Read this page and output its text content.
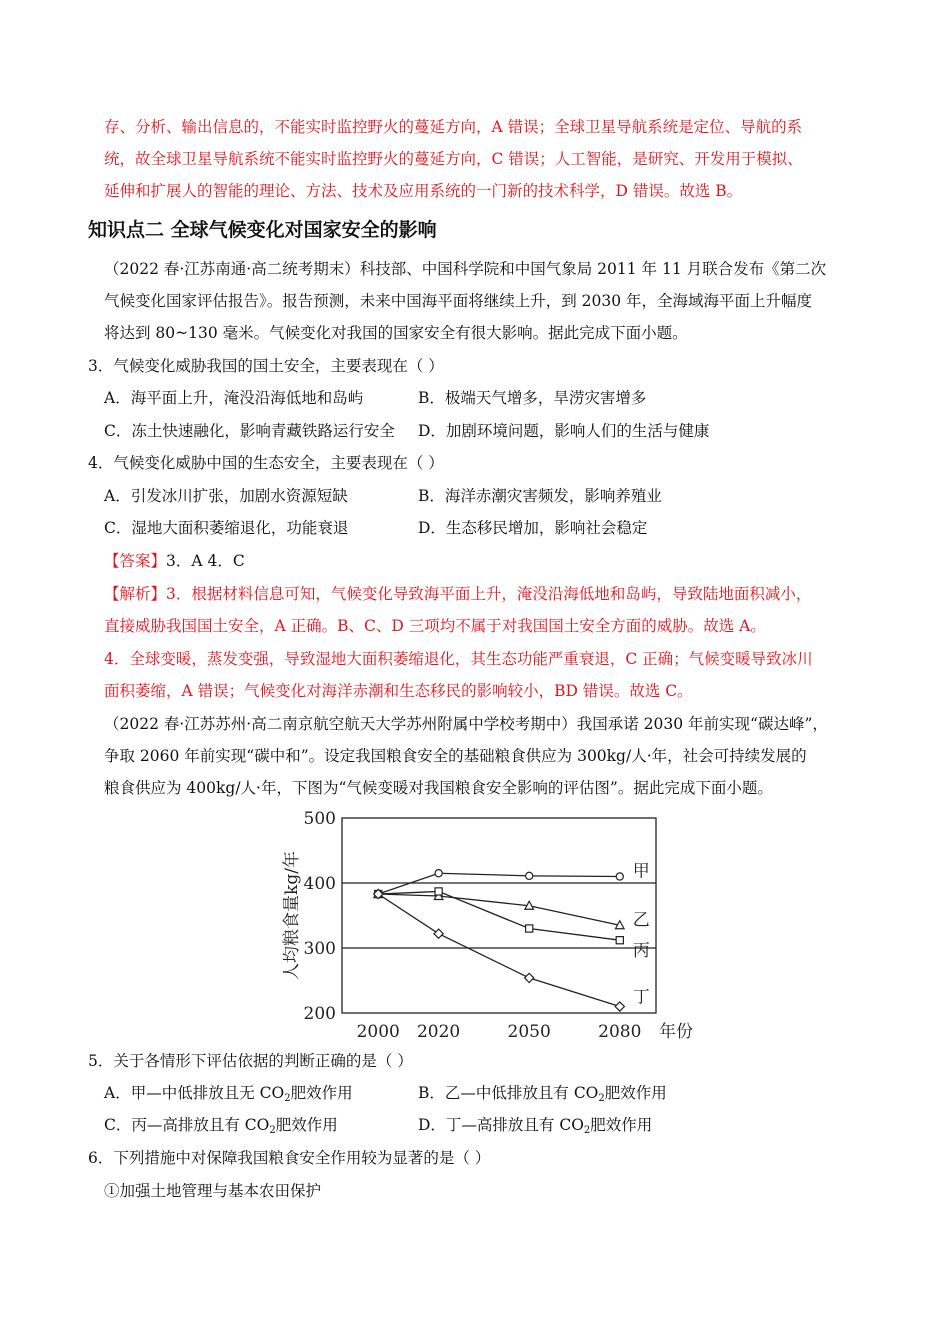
存、分析、输出信息的，不能实时监控野火的蔓延方向，A 错误；全球卫星导航系统是定位、导航的系
统，故全球卫星导航系统不能实时监控野火的蔓延方向，C 错误；人工智能，是研究、开发用于模拟、
延伸和扩展人的智能的理论、方法、技术及应用系统的一门新的技术科学，D 错误。故选 B。
知识点二 全球气候变化对国家安全的影响
（2022 春·江苏南通·高二统考期末）科技部、中国科学院和中国气象局 2011 年 11 月联合发布《第二次
气候变化国家评估报告》。报告预测，未来中国海平面将继续上升，到 2030 年，全海域海平面上升幅度
将达到 80~130 毫米。气候变化对我国的国家安全有很大影响。据此完成下面小题。
3．气候变化威胁我国的国土安全，主要表现在（ ）
A．海平面上升，淹没沿海低地和岛屿	B．极端天气增多，旱涝灾害增多
C．冻土快速融化，影响青藏铁路运行安全 D．加剧环境问题，影响人们的生活与健康
4．气候变化威胁中国的生态安全，主要表现在（ ）
A．引发冰川扩张，加剧水资源短缺	B．海洋赤潮灾害频发，影响养殖业
C．湿地大面积萎缩退化，功能衰退	D．生态移民增加，影响社会稳定
【答案】3．A 4．C
【解析】3．根据材料信息可知，气候变化导致海平面上升，淹没沿海低地和岛屿，导致陆地面积减小，
直接威胁我国国土安全，A 正确。B、C、D 三项均不属于对我国国土安全方面的威胁。故选 A。
4．全球变暖，蒸发变强，导致湿地大面积萎缩退化，其生态功能严重衰退，C 正确；气候变暖导致冰川
面积萎缩，A 错误；气候变化对海洋赤潮和生态移民的影响较小，BD 错误。故选 C。
（2022 春·江苏苏州·高二南京航空航天大学苏州附属中学校考期中）我国承诺 2030 年前实现“碳达峰”，
争取 2060 年前实现“碳中和”。设定我国粮食安全的基础粮食供应为 300kg/人·年，社会可持续发展的
粮食供应为 400kg/人·年，下图为“气候变暖对我国粮食安全影响的评估图”。据此完成下面小题。
200
300
400
500
2000 2020	2050	2080 年份
人均粮食量kg/年	甲
乙
丙
丁
5．关于各情形下评估依据的判断正确的是（ ）
A．甲—中低排放且无 $CO_2$肥效作用	B．乙—中低排放且有 $CO_2$肥效作用
C．丙—高排放且有 $CO_2$肥效作用	D．丁—高排放且有 $CO_2$肥效作用
6．下列措施中对保障我国粮食安全作用较为显著的是（ ）
①加强土地管理与基本农田保护
